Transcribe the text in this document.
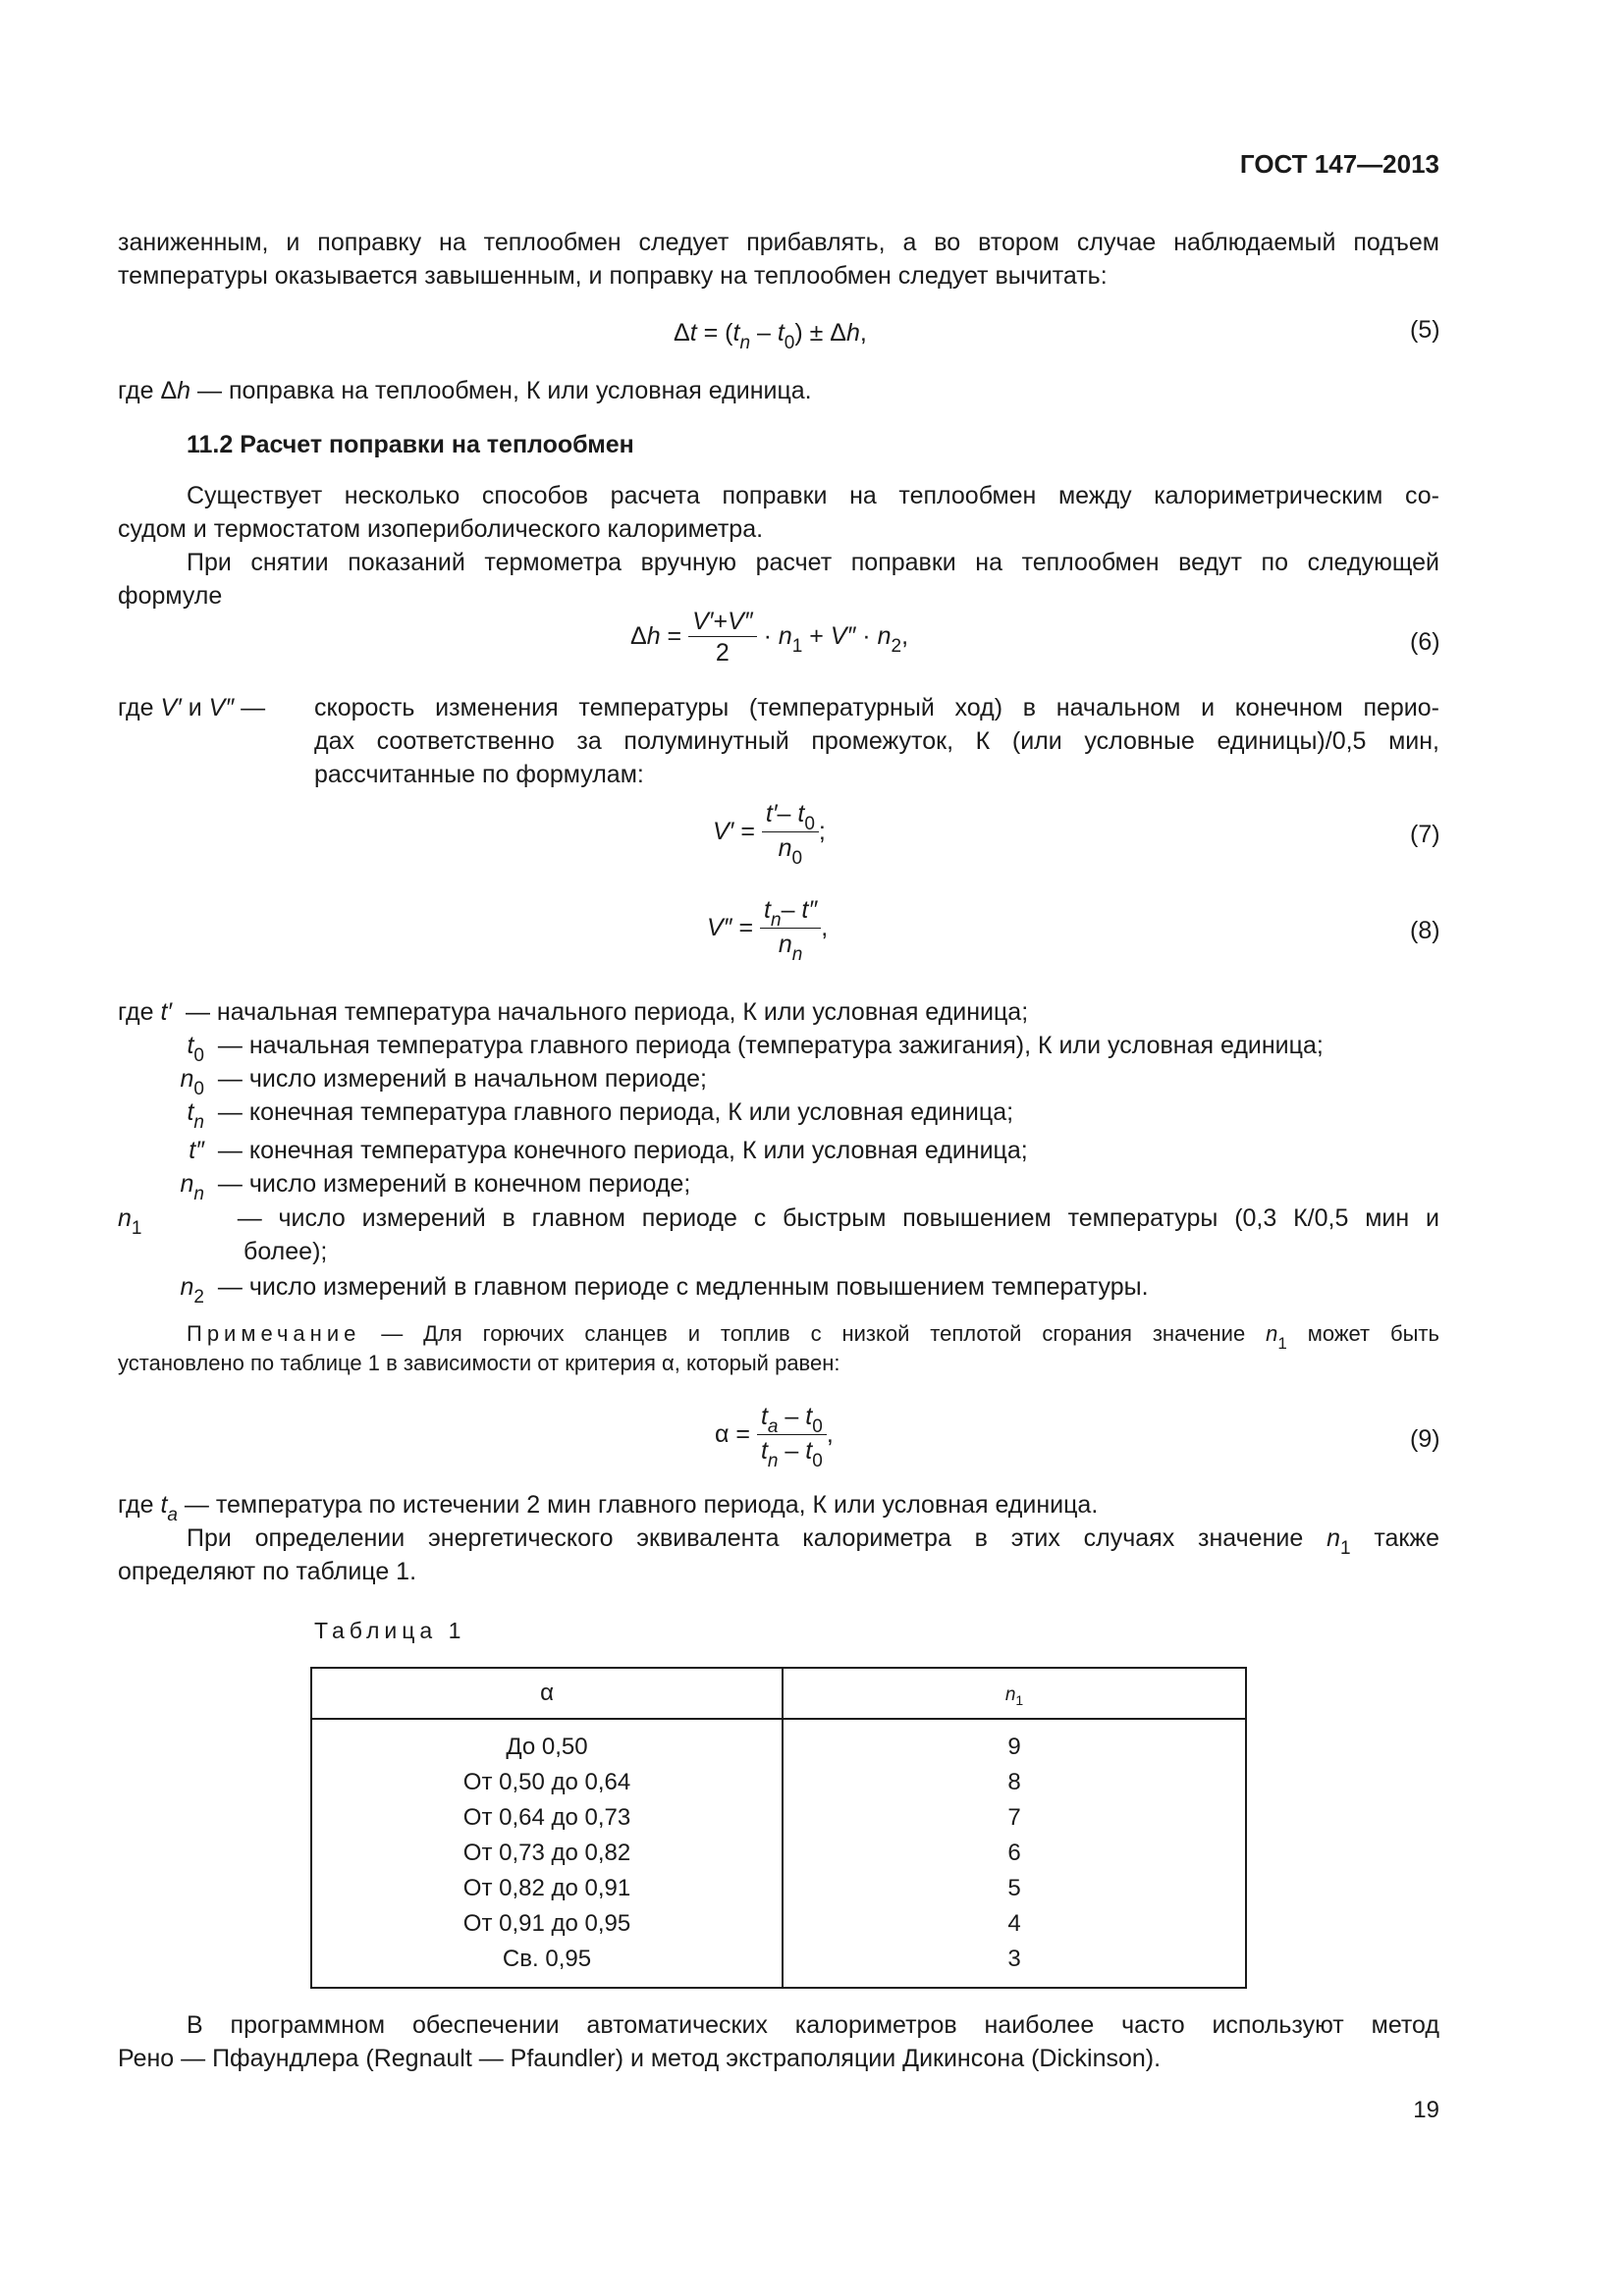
ГОСТ 147—2013
заниженным, и поправку на теплообмен следует прибавлять, а во втором случае наблюдаемый подъем
температуры оказывается завышенным, и поправку на теплообмен следует вычитать:
$\Delta t = (t_n - t_0) \pm \Delta h$,	(5)
где Δh — поправка на теплообмен, К или условная единица.
11.2 Расчет поправки на теплообмен
Существует несколько способов расчета поправки на теплообмен между калориметрическим со-
судом и термостатом изопериболического калориметра.
При снятии показаний термометра вручную расчет поправки на теплообмен ведут по следующей
формуле
$\Delta h = \frac{V'+V''}{2} \cdot n_1 + V'' \cdot n_2$,	(6)
где V′ и V″ — скорость изменения температуры (температурный ход) в начальном и конечном перио-
дах соответственно за полуминутный промежуток, К (или условные единицы)/0,5 мин,
рассчитанные по формулам:
$V' = \frac{t'- t_0}{n_0}$ ;	(7)
$V'' = \frac{t_n- t''}{n_n}$ ,	(8)
где t′ — начальная температура начального периода, К или условная единица;
$t_0$ — начальная температура главного периода (температура зажигания), К или условная единица;
$n_0$ — число измерений в начальном периоде;
$t_n$ — конечная температура главного периода, К или условная единица;
t″ — конечная температура конечного периода, К или условная единица;
$n_n$ — число измерений в конечном периоде;
$n_1$	— число измерений в главном периоде с быстрым повышением температуры (0,3 К/0,5 мин и
более);
$n_2$ — число измерений в главном периоде с медленным повышением температуры.
Примечание — Для горючих сланцев и топлив с низкой теплотой сгорания значение $n_1$ может быть
установлено по таблице 1 в зависимости от критерия α, который равен:
$\alpha = \frac{t_a - t_0}{t_n - t_0}$ ,	(9)
где $t_a$ — температура по истечении 2 мин главного периода, К или условная единица.
При определении энергетического эквивалента калориметра в этих случаях значение $n_1$ также
определяют по таблице 1.
Таблица 1
α	$n_1$
До 0,50	9
От 0,50 до 0,64	8
От 0,64 до 0,73	7
От 0,73 до 0,82	6
От 0,82 до 0,91	5
От 0,91 до 0,95	4
Св. 0,95	3
В программном обеспечении автоматических калориметров наиболее часто используют метод
Рено — Пфаундлера (Regnault — Pfaundler) и метод экстраполяции Дикинсона (Dickinson).
19
